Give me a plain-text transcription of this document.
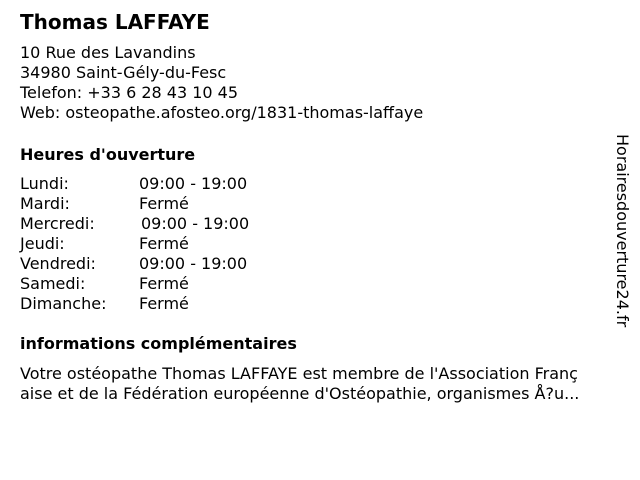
Thomas LAFFAYE
10 Rue des Lavandins
34980 Saint-Gély-du-Fesc
Telefon: +33 6 28 43 10 45
Web: osteopathe.afosteo.org/1831-thomas-laffaye
Heures d'ouverture
Lundi:	09:00 - 19:00
Mardi:	Fermé
Mercredi:	09:00 - 19:00
Jeudi:	Fermé
Vendredi:	09:00 - 19:00
Samedi:	Fermé
Dimanche: Fermé
informations complémentaires
Votre ostéopathe Thomas LAFFAYE est membre de l'Association Franç
aise et de la Fédération européenne d'Ostéopathie, organismes Å?u...
Horairesdouverture24.fr
